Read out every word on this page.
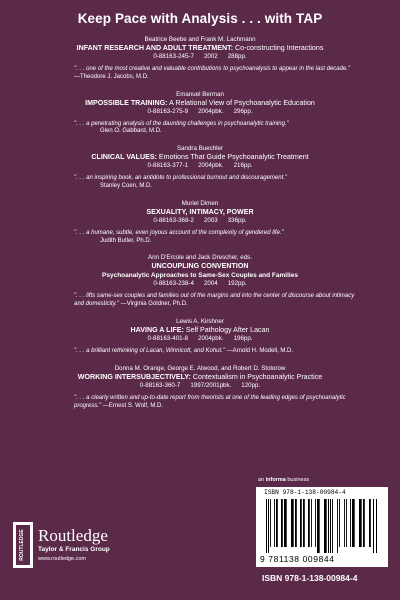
Keep Pace with Analysis . . . with TAP
Beatrice Beebe and Frank M. Lachmann
INFANT RESEARCH AND ADULT TREATMENT: Co-constructing Interactions
0-88163-245-7 2002 288pp.
". . . one of the most creative and valuable contributions to psychoanalysis to appear in the last decade." —Theodore J. Jacobs, M.D.
Emanuel Berman
IMPOSSIBLE TRAINING: A Relational View of Psychoanalytic Education
0-88163-275-9 2004pbk. 296pp.
". . . a penetrating analysis of the daunting challenges in psychoanalytic training."
Glen O. Gabbard, M.D.
Sandra Buechler
CLINICAL VALUES: Emotions That Guide Psychoanalytic Treatment
0-88163-377-1 2004pbk. 216pp.
". . . an inspiring book, an antidote to professional burnout and discouragement."
Stanley Coen, M.D.
Muriel Dimen
SEXUALITY, INTIMACY, POWER
0-88163-368-2 2003 336pp.
". . . a humane, subtle, even joyous account of the complexity of gendered life."
Judith Butler, Ph.D.
Ann D'Ercole and Jack Drescher, eds.
UNCOUPLING CONVENTION
Psychoanalytic Approaches to Same-Sex Couples and Families
0-88163-238-4 2004 192pp.
". . . lifts same-sex couples and families out of the margins and into the center of discourse about intimacy and domesticity." —Virginia Goldner, Ph.D.
Lewis A. Kirshner
HAVING A LIFE: Self Pathology After Lacan
0-88163-401-8 2004pbk. 196pp.
". . . a brilliant rethinking of Lacan, Winnicott, and Kohut." —Arnold H. Modell, M.D.
Donna M. Orange, George E. Atwood, and Robert D. Stolorow
WORKING INTERSUBJECTIVELY: Contextualism in Psychoanalytic Practice
0-88163-360-7 1997/2001pbk. 120pp.
". . . a clearly written and up-to-date report from theorists at one of the leading edges of psychoanalytic progress." —Ernest S. Wolf, M.D.
an informa business
ROUTLEDGE Routledge
Taylor & Francis Group
www.routledge.com
ISBN 978-1-138-00984-4
9 781138 009844
ISBN 978-1-138-00984-4
